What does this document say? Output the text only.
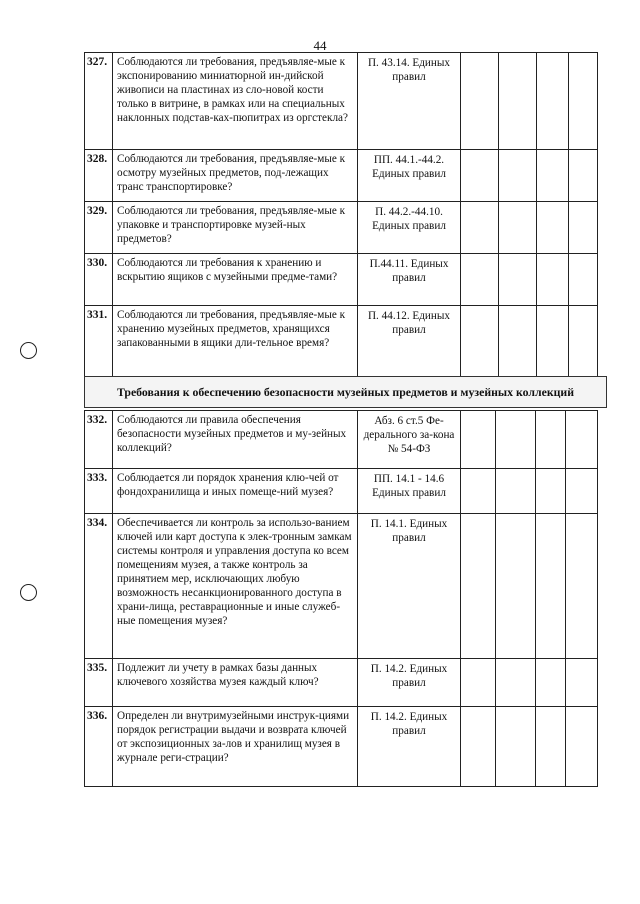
44
327.	Соблюдаются ли требования, предъявляе-мые к экспонированию миниатюрной ин-дийской живописи на пластинах из сло-новой кости только в витрине, в рамках или на специальных наклонных подстав-ках-пюпитрах из оргстекла?	П. 43.14. Единых правил				
328.	Соблюдаются ли требования, предъявляе-мые к осмотру музейных предметов, под-лежащих транс транспортировке?	ПП. 44.1.-44.2. Единых правил				
329.	Соблюдаются ли требования, предъявляе-мые к упаковке и транспортировке музей-ных предметов?	П. 44.2.-44.10. Единых правил				
330.	Соблюдаются ли требования к хранению и вскрытию ящиков с музейными предме-тами?	П.44.11. Единых правил				
331.	Соблюдаются ли требования, предъявляе-мые к хранению музейных предметов, хранящихся запакованными в ящики дли-тельное время?	П. 44.12. Единых правил				
Требования к обеспечению безопасности музейных предметов и музейных коллекций
332.	Соблюдаются ли правила обеспечения безопасности музейных предметов и му-зейных коллекций?	Абз. 6 ст.5 Фе-дерального за-кона № 54-ФЗ				
333.	Соблюдается ли порядок хранения клю-чей от фондохранилища и иных помеще-ний музея?	ПП. 14.1 - 14.6 Единых правил				
334.	Обеспечивается ли контроль за использо-ванием ключей или карт доступа к элек-тронным замкам системы контроля и управления доступа ко всем помещениям музея, а также контроль за принятием мер, исключающих любую возможность несанкционированного доступа в храни-лища, реставрационные и иные служеб-ные помещения музея?	П. 14.1. Единых правил				
335.	Подлежит ли учету в рамках базы данных ключевого хозяйства музея каждый ключ?	П. 14.2. Единых правил				
336.	Определен ли внутримузейными инструк-циями порядок регистрации выдачи и возврата ключей от экспозиционных за-лов и хранилищ музея в журнале реги-страции?	П. 14.2. Единых правил				
